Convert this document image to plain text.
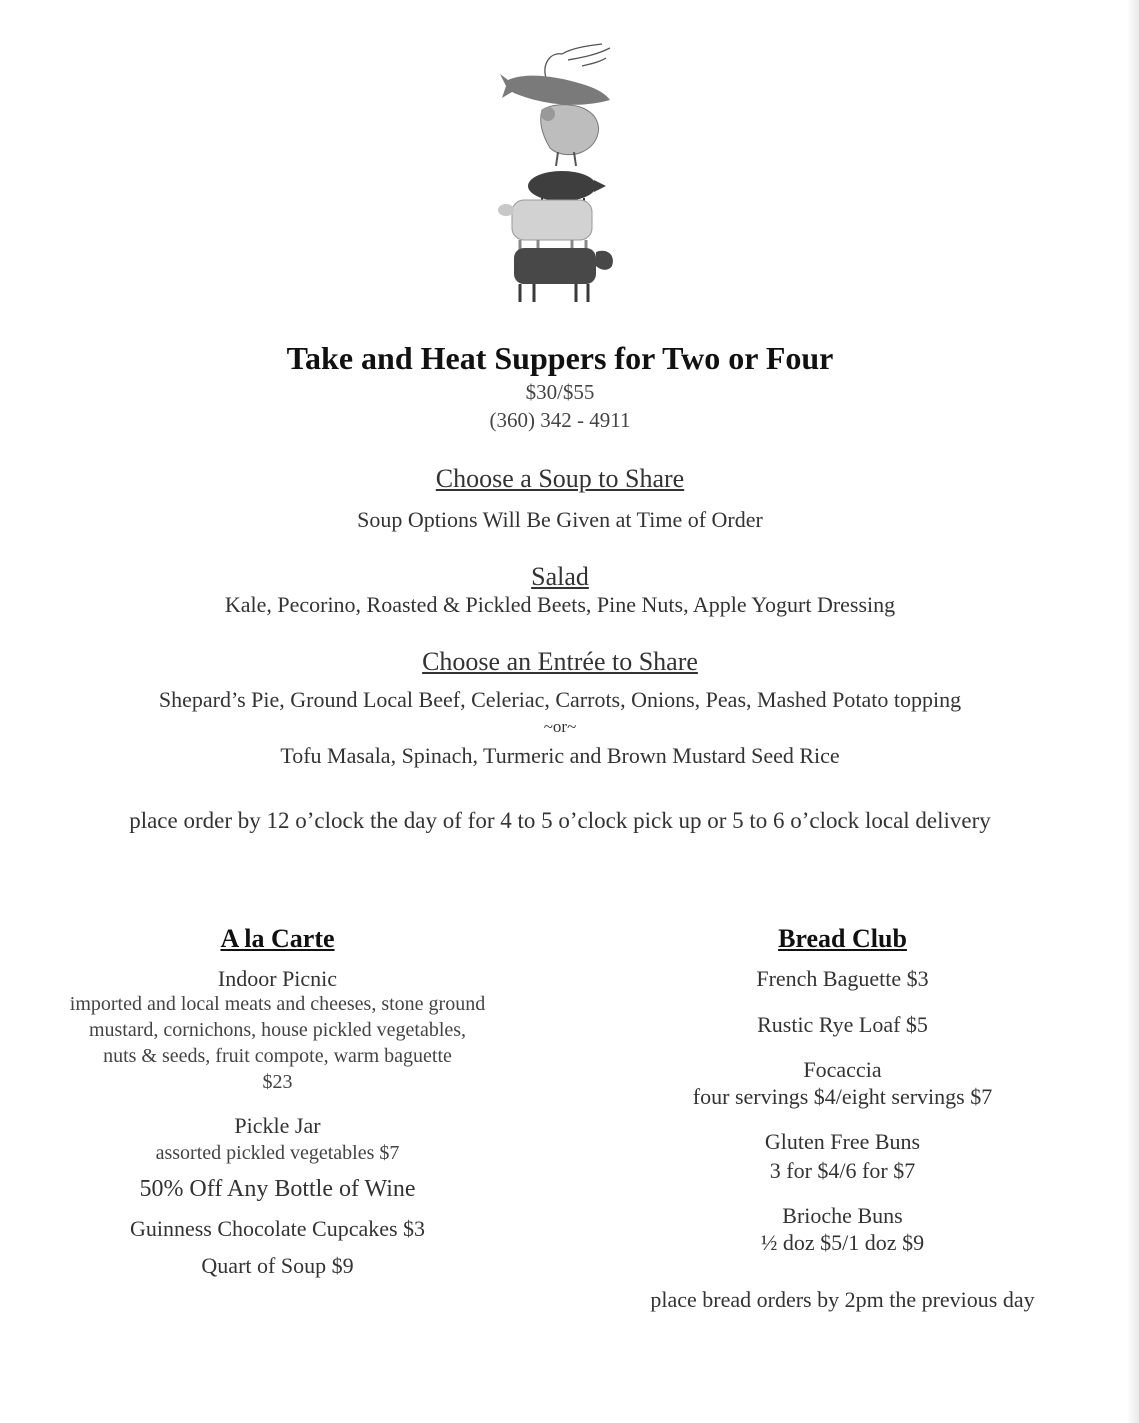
Take and Heat Suppers for Two or Four
$30/$55
(360) 342 - 4911
Choose a Soup to Share
Soup Options Will Be Given at Time of Order
Salad
Kale, Pecorino, Roasted & Pickled Beets, Pine Nuts, Apple Yogurt Dressing
Choose an Entrée to Share
Shepard’s Pie, Ground Local Beef, Celeriac, Carrots, Onions, Peas, Mashed Potato topping
~or~
Tofu Masala, Spinach, Turmeric and Brown Mustard Seed Rice
place order by 12 o’clock the day of for 4 to 5 o’clock pick up or 5 to 6 o’clock local delivery
A la Carte
Indoor Picnic
imported and local meats and cheeses, stone ground
mustard, cornichons, house pickled vegetables,
nuts & seeds, fruit compote, warm baguette
$23
Pickle Jar
assorted pickled vegetables $7
50% Off Any Bottle of Wine
Guinness Chocolate Cupcakes $3
Quart of Soup $9
Bread Club
French Baguette $3
Rustic Rye Loaf $5
Focaccia
four servings $4/eight servings $7
Gluten Free Buns
3 for $4/6 for $7
Brioche Buns
½ doz $5/1 doz $9
place bread orders by 2pm the previous day
